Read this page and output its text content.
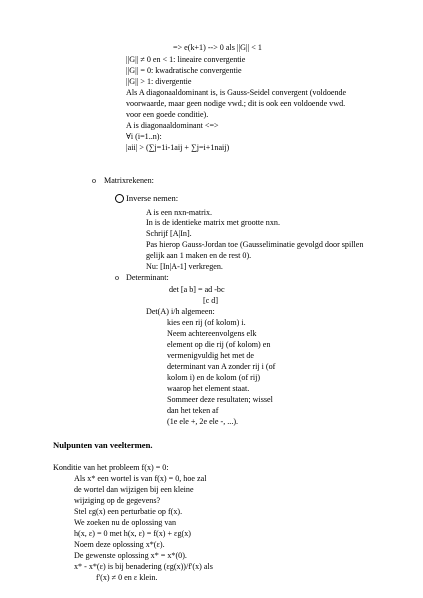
=> e(k+1) --> 0 als ||G|| < 1
||G|| ≠ 0 en < 1: lineaire convergentie
||G|| = 0: kwadratische convergentie
||G|| > 1: divergentie
Als A diagonaaldominant is, is Gauss-Seidel convergent (voldoende
voorwaarde, maar geen nodige vwd.; dit is ook een voldoende vwd.
voor een goede conditie).
A is diagonaaldominant <=>
∀i (i=1..n):
|aii| > (∑j=1i-1aij + ∑j=i+1naij)
o Matrixrekenen:
Inverse nemen:
A is een nxn-matrix.
In is de identieke matrix met grootte nxn.
Schrijf [A|In].
Pas hierop Gauss-Jordan toe (Gausseliminatie gevolgd door spillen
gelijk aan 1 maken en de rest 0).
Nu: [In|A-1] verkregen.
o Determinant:
det [a b] = ad -bc
[c d]
Det(A) i/h algemeen:
kies een rij (of kolom) i.
Neem achtereenvolgens elk
element op die rij (of kolom) en
vermenigvuldig het met de
determinant van A zonder rij i (of
kolom i) en de kolom (of rij)
waarop het element staat.
Sommeer deze resultaten; wissel
dan het teken af
(1e ele +, 2e ele -, ...).
Nulpunten van veeltermen.
Konditie van het probleem f(x) = 0:
Als x* een wortel is van f(x) = 0, hoe zal
de wortel dan wijzigen bij een kleine
wijziging op de gegevens?
Stel εg(x) een perturbatie op f(x).
We zoeken nu de oplossing van
h(x, ε) = 0 met h(x, ε) = f(x) + εg(x)
Noem deze oplossing x*(ε).
De gewenste oplossing x* = x*(0).
x* - x*(ε) is bij benadering (εg(x))/f'(x) als
f'(x) ≠ 0 en ε klein.
